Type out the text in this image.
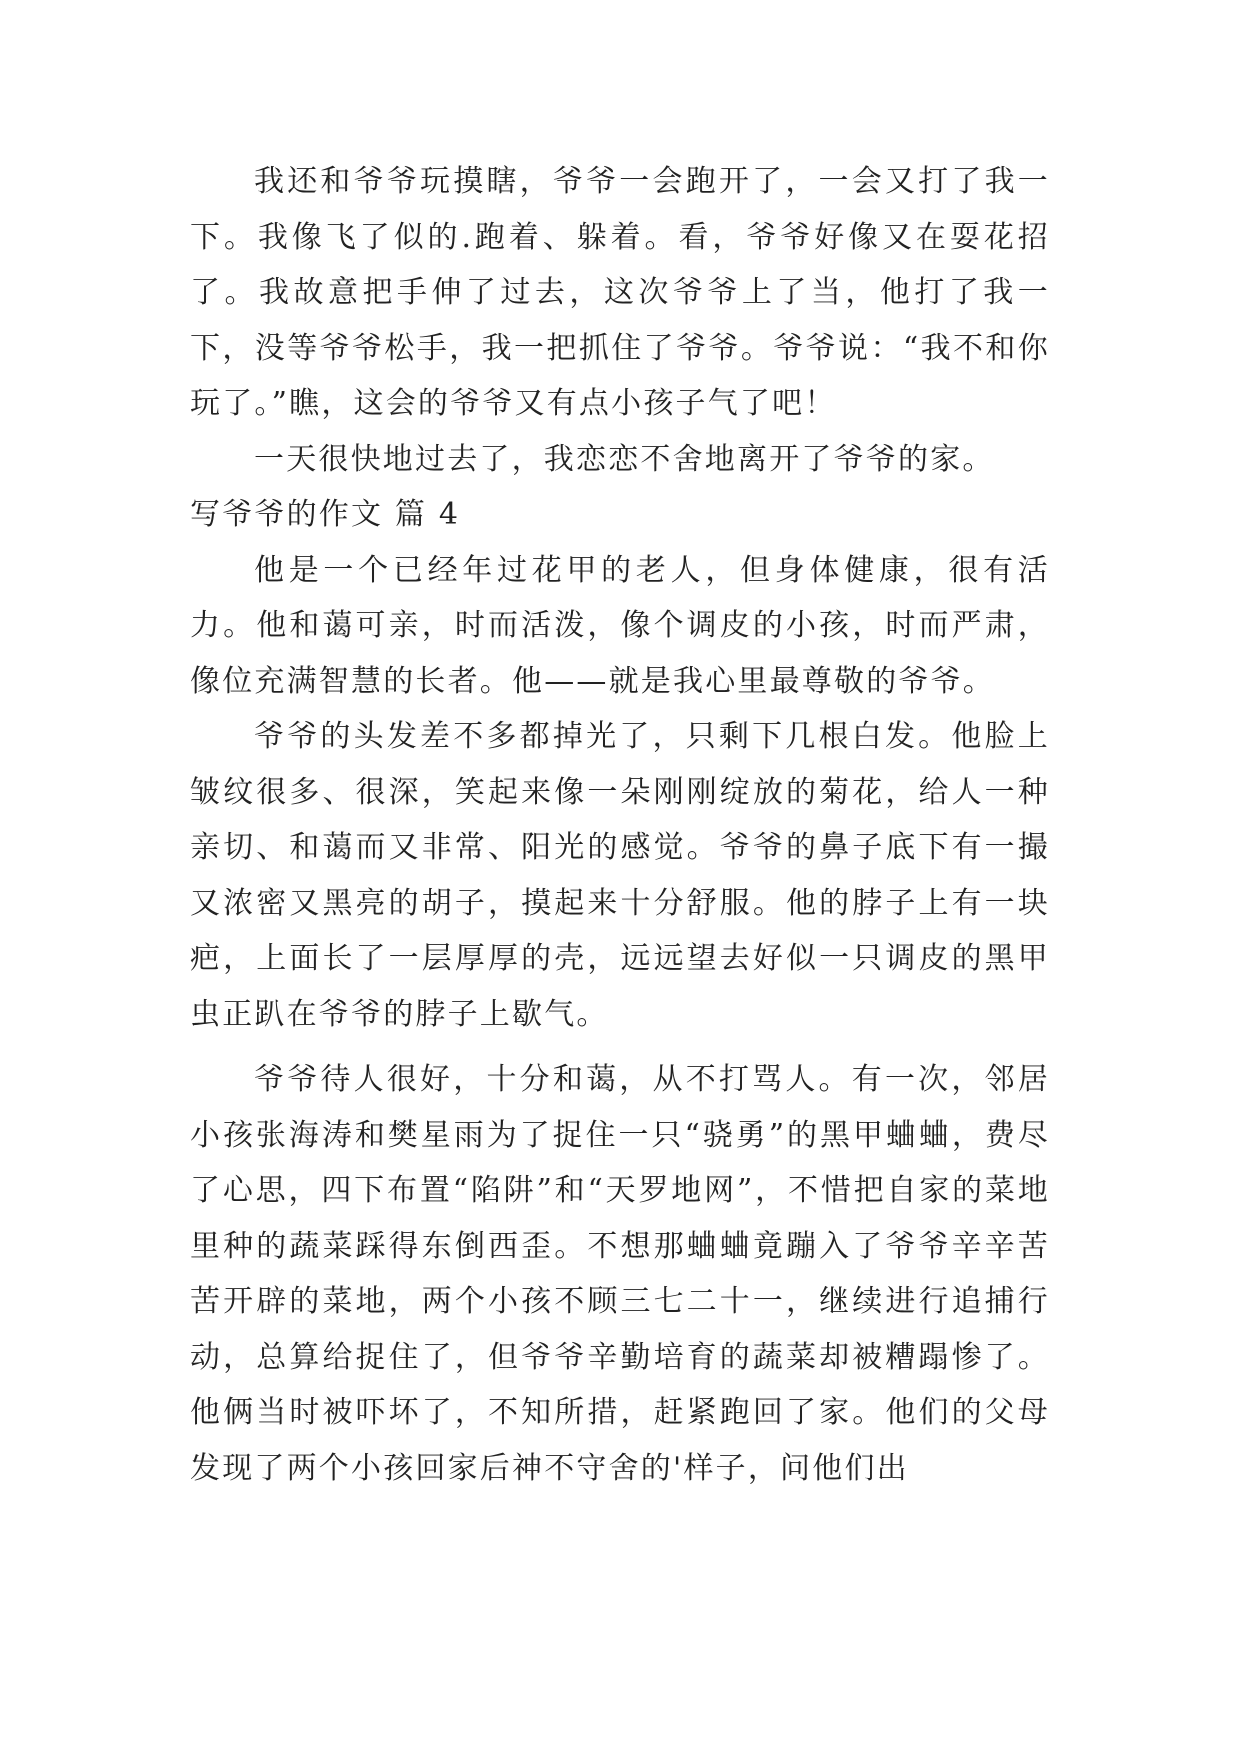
我还和爷爷玩摸瞎，爷爷一会跑开了，一会又打了我一下。我像飞了似的.跑着、躲着。看，爷爷好像又在耍花招了。我故意把手伸了过去，这次爷爷上了当，他打了我一下，没等爷爷松手，我一把抓住了爷爷。爷爷说：“我不和你玩了。”瞧，这会的爷爷又有点小孩子气了吧！

一天很快地过去了，我恋恋不舍地离开了爷爷的家。

写爷爷的作文 篇 4

他是一个已经年过花甲的老人，但身体健康，很有活力。他和蔼可亲，时而活泼，像个调皮的小孩，时而严肃，像位充满智慧的长者。他——就是我心里最尊敬的爷爷。

爷爷的头发差不多都掉光了，只剩下几根白发。他脸上皱纹很多、很深，笑起来像一朵刚刚绽放的菊花，给人一种亲切、和蔼而又非常、阳光的感觉。爷爷的鼻子底下有一撮又浓密又黑亮的胡子，摸起来十分舒服。他的脖子上有一块疤，上面长了一层厚厚的壳，远远望去好似一只调皮的黑甲虫正趴在爷爷的脖子上歇气。

爷爷待人很好，十分和蔼，从不打骂人。有一次，邻居小孩张海涛和樊星雨为了捉住一只“骁勇”的黑甲蛐蛐，费尽了心思，四下布置“陷阱”和“天罗地网”，不惜把自家的菜地里种的蔬菜踩得东倒西歪。不想那蛐蛐竟蹦入了爷爷辛辛苦苦开辟的菜地，两个小孩不顾三七二十一，继续进行追捕行动，总算给捉住了，但爷爷辛勤培育的蔬菜却被糟蹋惨了。他俩当时被吓坏了，不知所措，赶紧跑回了家。他们的父母发现了两个小孩回家后神不守舍的'样子，问他们出
